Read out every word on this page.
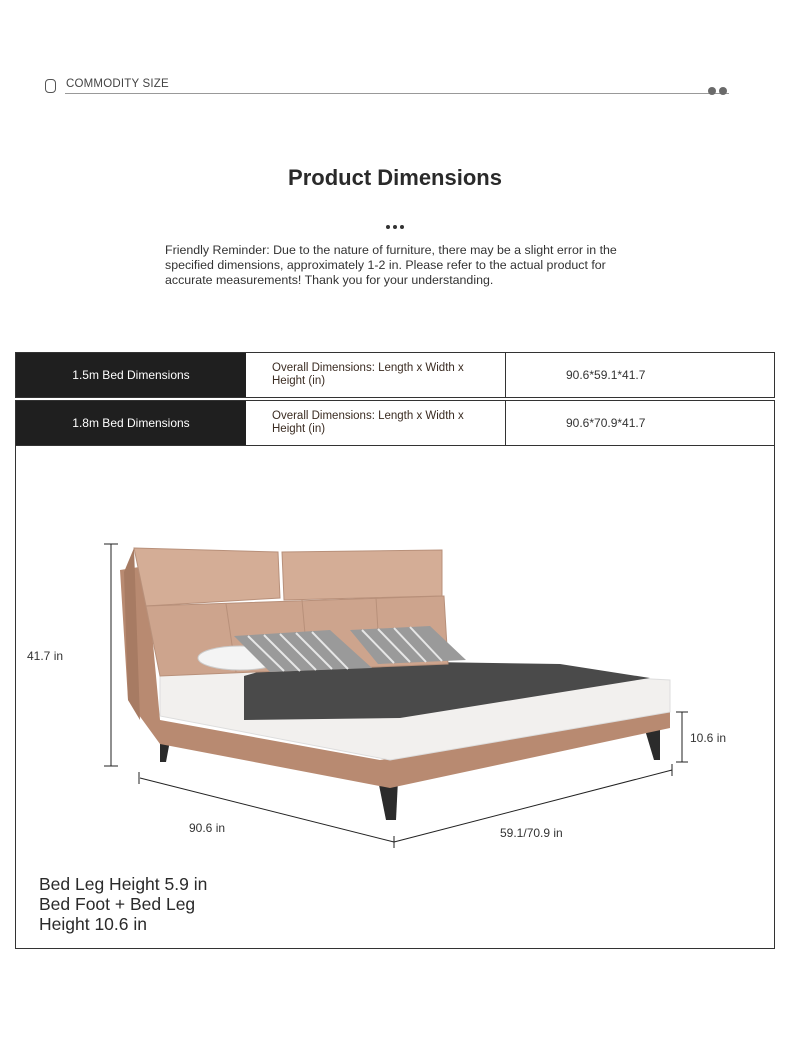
COMMODITY SIZE
Product Dimensions
Friendly Reminder: Due to the nature of furniture, there may be a slight error in the specified dimensions, approximately 1-2 in. Please refer to the actual product for accurate measurements! Thank you for your understanding.
1.5m Bed Dimensions	Overall Dimensions: Length x Width x Height (in)	90.6*59.1*41.7
1.8m Bed Dimensions	Overall Dimensions: Length x Width x Height (in)	90.6*70.9*41.7
41.7 in
10.6 in
90.6 in	59.1/70.9 in
Bed Leg Height 5.9 in
Bed Foot + Bed Leg
Height 10.6 in
